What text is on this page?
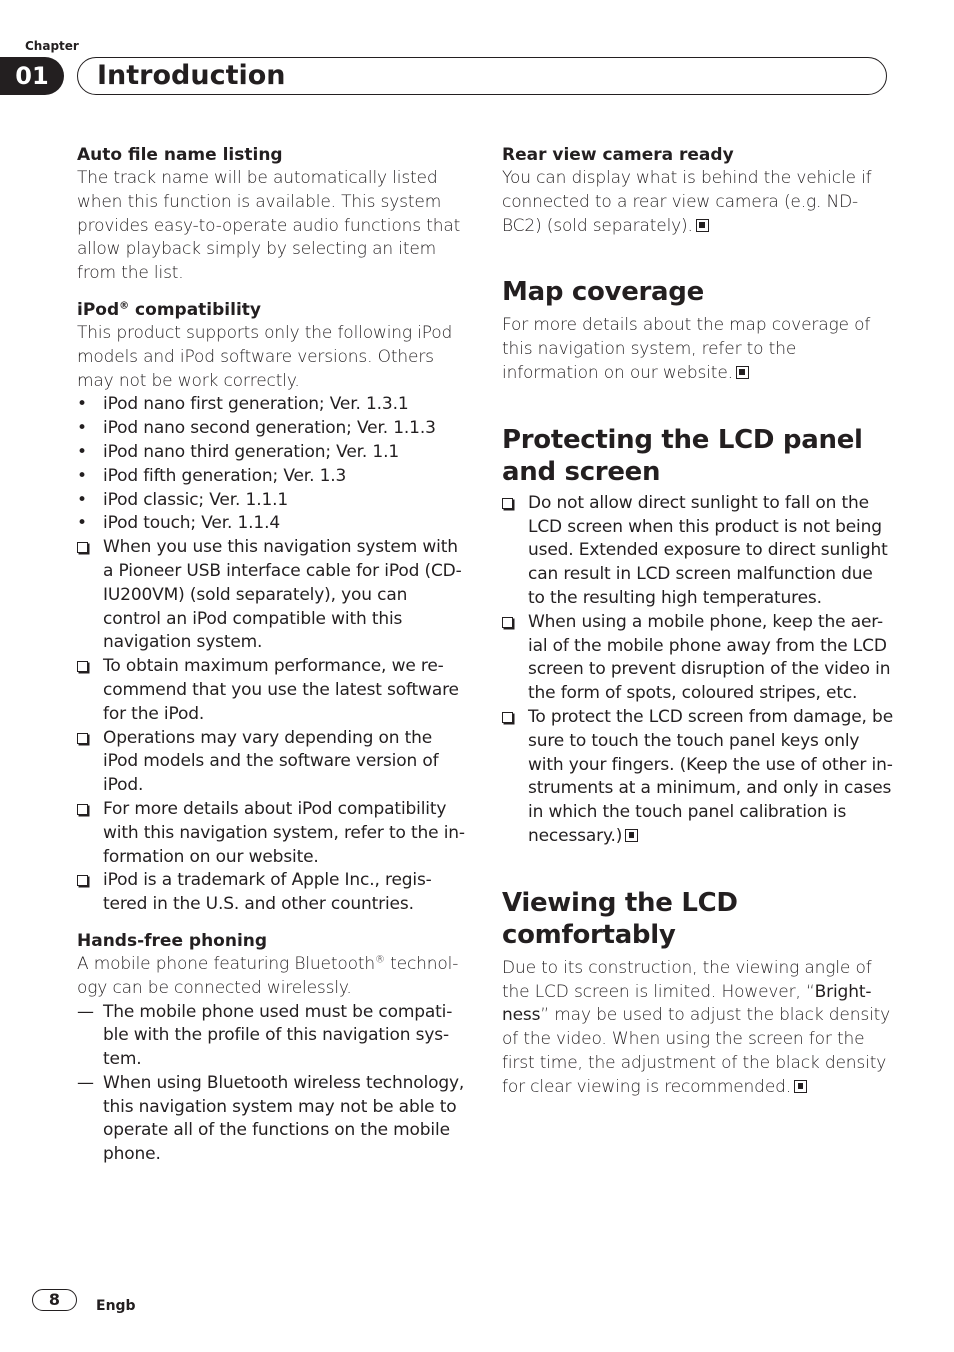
Chapter
01	Introduction

Auto file name listing

The track name will be automatically listed when this function is available. This system provides easy-to-operate audio functions that allow playback simply by selecting an item from the list.

iPod® compatibility

This product supports only the following iPod models and iPod software versions. Others may not be work correctly.

• iPod nano first generation; Ver. 1.3.1
• iPod nano second generation; Ver. 1.1.3
• iPod nano third generation; Ver. 1.1
• iPod fifth generation; Ver. 1.3
• iPod classic; Ver. 1.1.1
• iPod touch; Ver. 1.1.4
When you use this navigation system with a Pioneer USB interface cable for iPod (CD-IU200VM) (sold separately), you can control an iPod compatible with this navigation system.
To obtain maximum performance, we re-commend that you use the latest software for the iPod.
Operations may vary depending on the iPod models and the software version of iPod.
For more details about iPod compatibility with this navigation system, refer to the in-formation on our website.
iPod is a trademark of Apple Inc., regis-tered in the U.S. and other countries.

Hands-free phoning

A mobile phone featuring Bluetooth® technol-ogy can be connected wirelessly.

— The mobile phone used must be compati-ble with the profile of this navigation sys-tem.
— When using Bluetooth wireless technology, this navigation system may not be able to operate all of the functions on the mobile phone.

Rear view camera ready

You can display what is behind the vehicle if connected to a rear view camera (e.g. ND-BC2) (sold separately).

Map coverage

For more details about the map coverage of this navigation system, refer to the information on our website.

Protecting the LCD panel and screen

Do not allow direct sunlight to fall on the LCD screen when this product is not being used. Extended exposure to direct sunlight can result in LCD screen malfunction due to the resulting high temperatures.
When using a mobile phone, keep the aer-ial of the mobile phone away from the LCD screen to prevent disruption of the video in the form of spots, coloured stripes, etc.
To protect the LCD screen from damage, be sure to touch the touch panel keys only with your fingers. (Keep the use of other in-struments at a minimum, and only in cases in which the touch panel calibration is necessary.)

Viewing the LCD comfortably

Due to its construction, the viewing angle of the LCD screen is limited. However, “Bright-ness” may be used to adjust the black density of the video. When using the screen for the first time, the adjustment of the black density for clear viewing is recommended.

8	Engb
